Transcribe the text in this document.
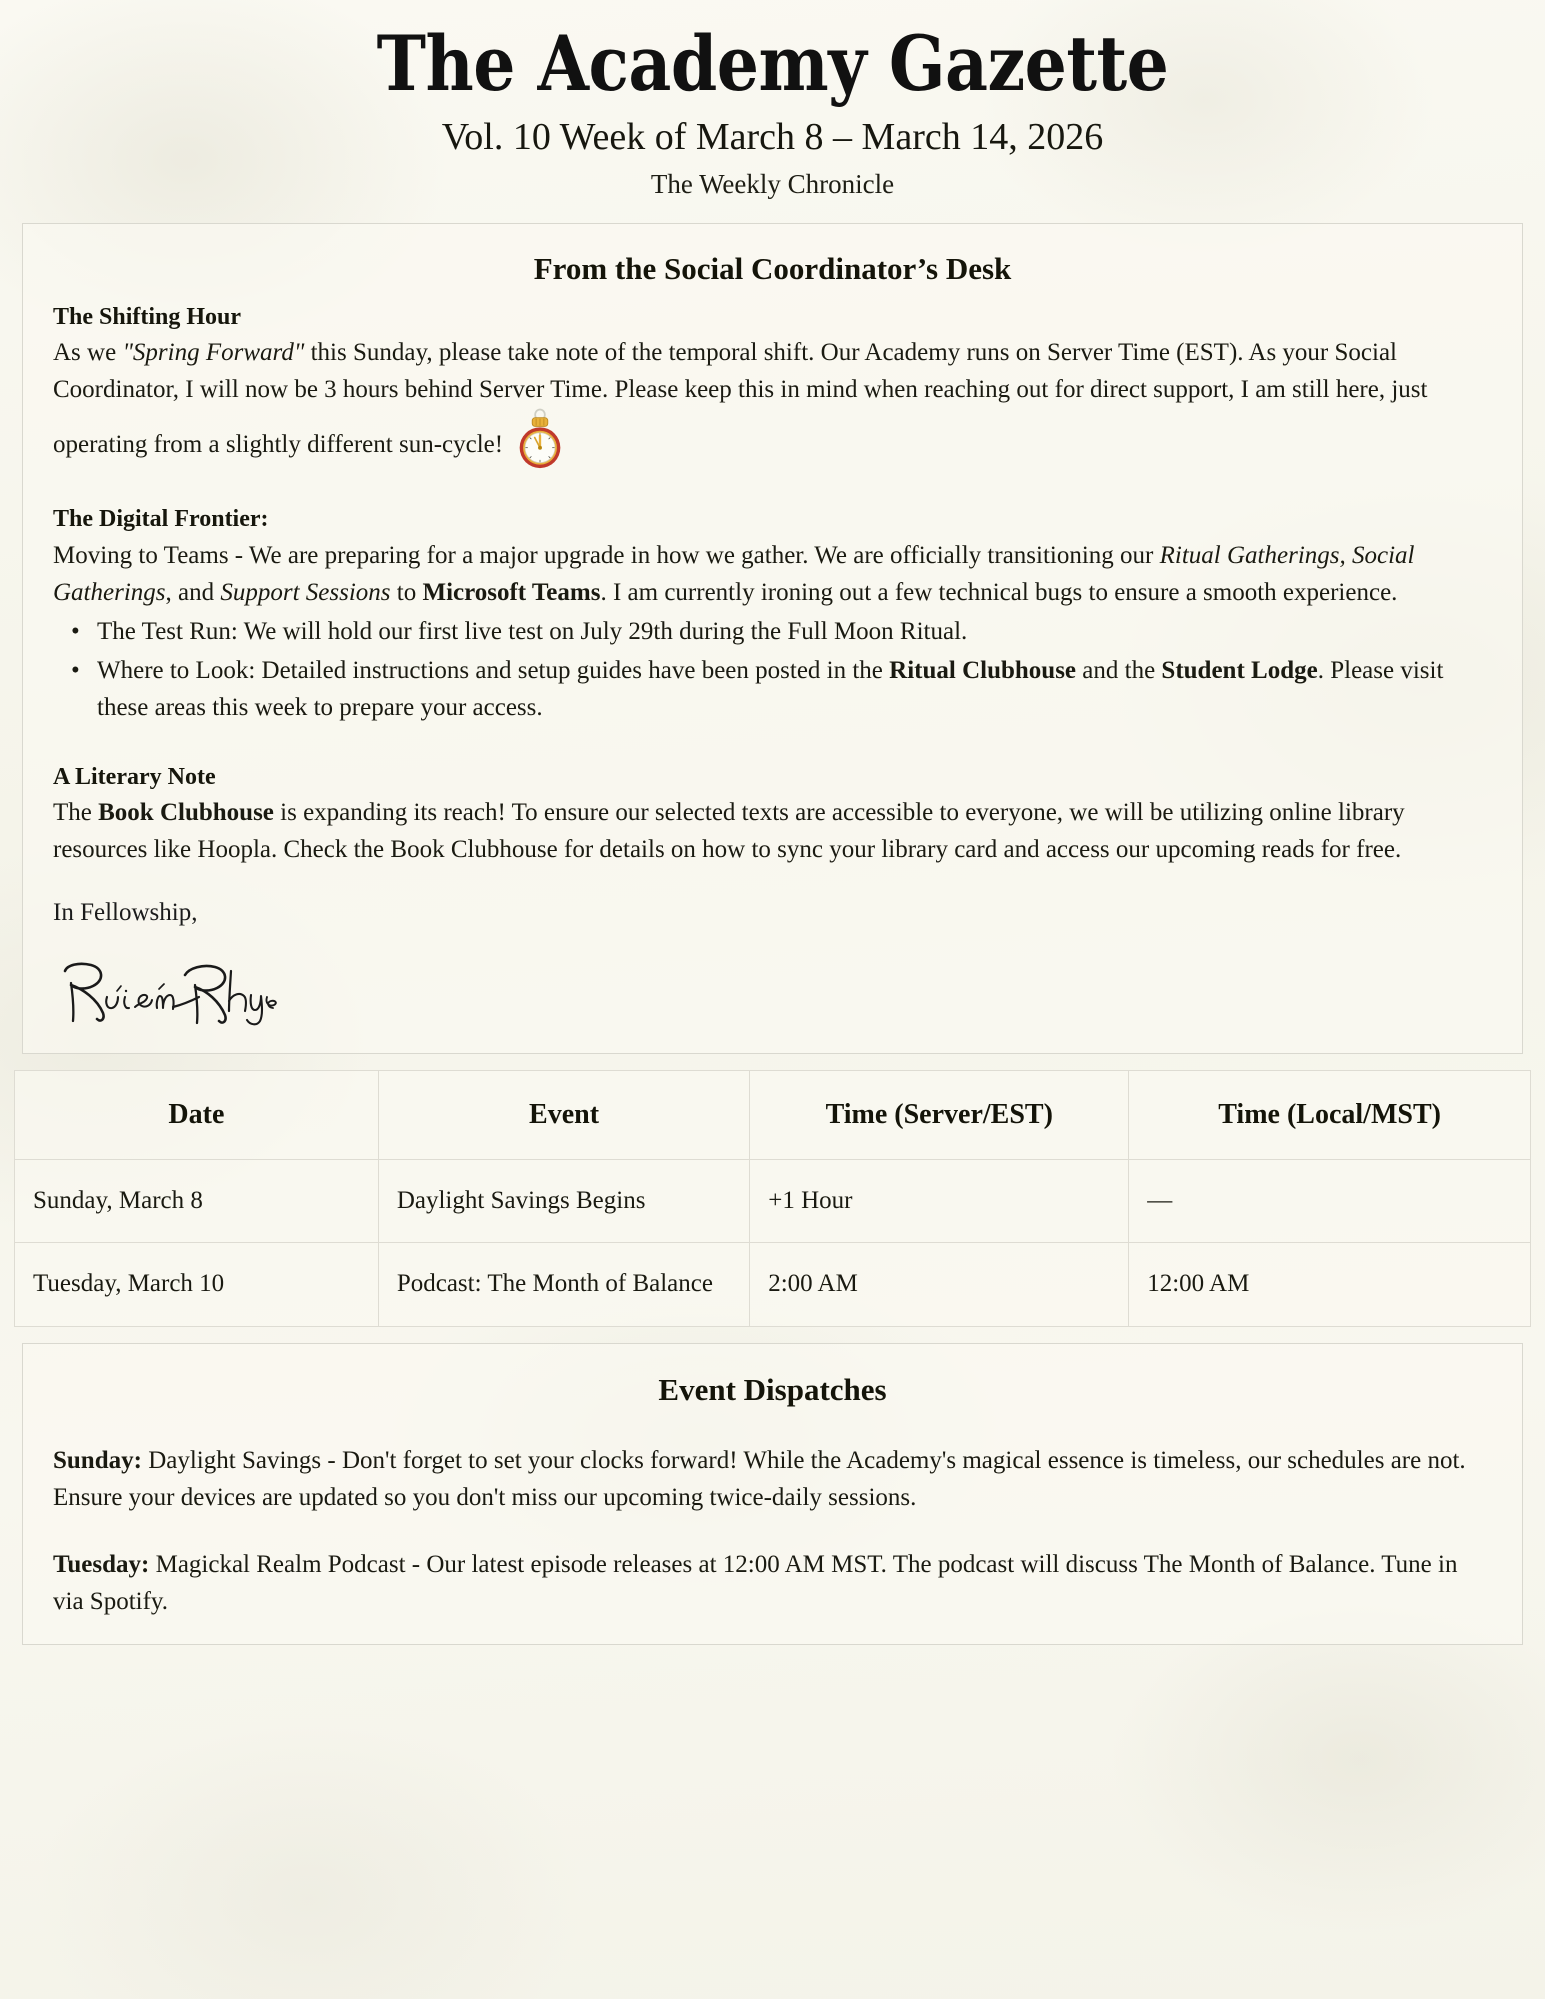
The Academy Gazette
Vol. 10 Week of March 8 – March 14, 2026
The Weekly Chronicle
From the Social Coordinator’s Desk
The Shifting Hour

As we "Spring Forward" this Sunday, please take note of the temporal shift. Our Academy runs on Server Time (EST). As your Social Coordinator, I will now be 3 hours behind Server Time. Please keep this in mind when reaching out for direct support, I am still here, just operating from a slightly different sun-cycle!

The Digital Frontier:

Moving to Teams - We are preparing for a major upgrade in how we gather. We are officially transitioning our Ritual Gatherings, Social Gatherings, and Support Sessions to Microsoft Teams. I am currently ironing out a few technical bugs to ensure a smooth experience.

• The Test Run: We will hold our first live test on July 29th during the Full Moon Ritual.
• Where to Look: Detailed instructions and setup guides have been posted in the Ritual Clubhouse and the Student Lodge. Please visit these areas this week to prepare your access.
A Literary Note

The Book Clubhouse is expanding its reach! To ensure our selected texts are accessible to everyone, we will be utilizing online library resources like Hoopla. Check the Book Clubhouse for details on how to sync your library card and access our upcoming reads for free.

In Fellowship,

Date	Event	Time (Server/EST)	Time (Local/MST)
Sunday, March 8	Daylight Savings Begins	+1 Hour	—
Tuesday, March 10	Podcast: The Month of Balance	2:00 AM	12:00 AM
Event Dispatches

Sunday: Daylight Savings - Don't forget to set your clocks forward! While the Academy's magical essence is timeless, our schedules are not. Ensure your devices are updated so you don't miss our upcoming twice-daily sessions.

Tuesday: Magickal Realm Podcast - Our latest episode releases at 12:00 AM MST. The podcast will discuss The Month of Balance. Tune in via Spotify.
